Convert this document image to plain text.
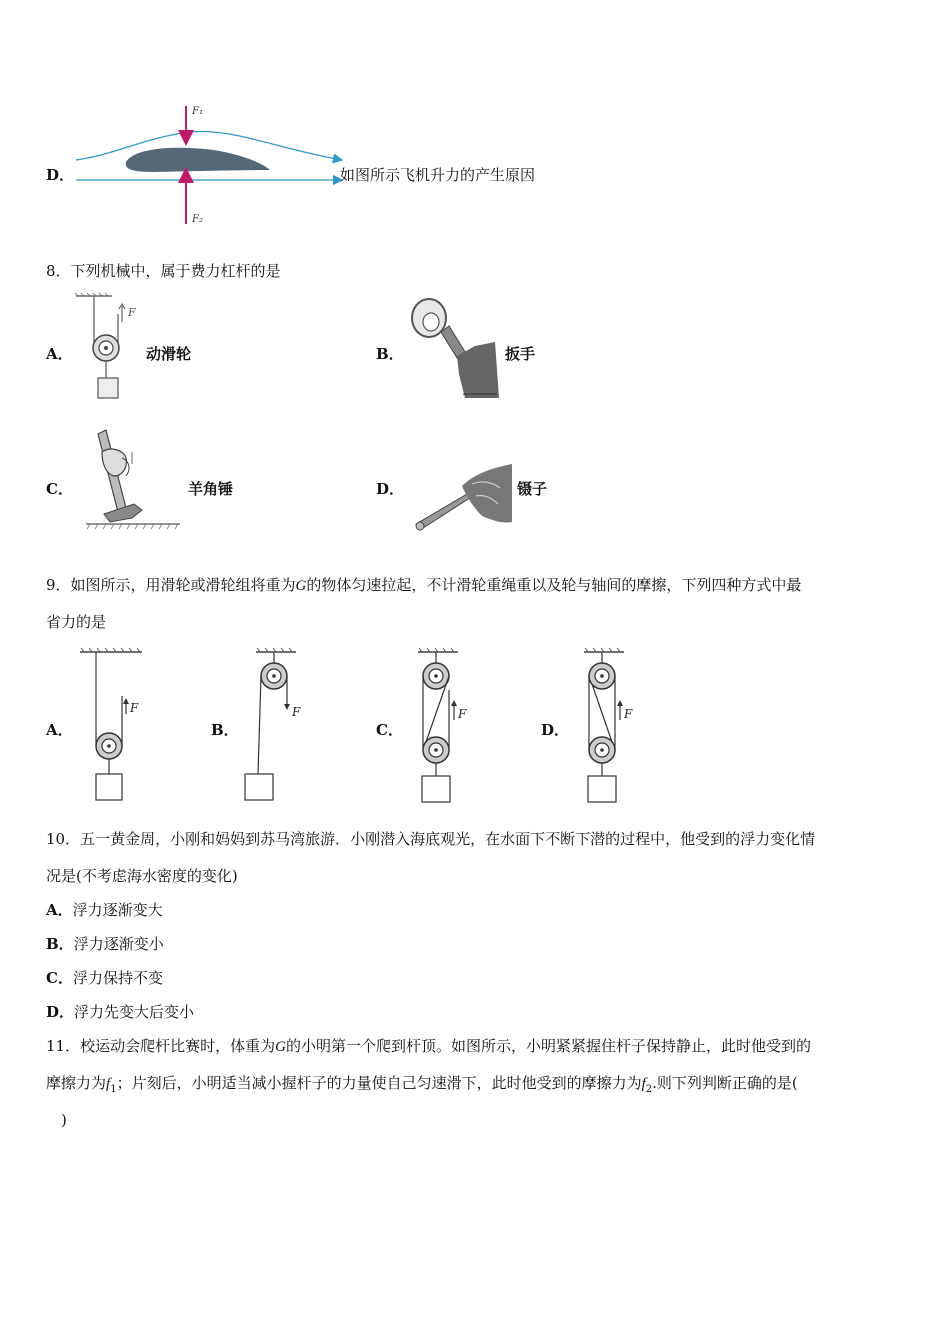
D．
F₁
F₂
如图所示飞机升力的产生原因
8．下列机械中，属于费力杠杆的是
A．
F
动滑轮	B．	扳手
C．	羊角锤	D．	镊子
9．如图所示，用滑轮或滑轮组将重为G的物体匀速拉起，不计滑轮重绳重以及轮与轴间的摩擦，下列四种方式中最
省力的是
A．
F
B．
F
C．
F
D．
F
10．五一黄金周，小刚和妈妈到苏马湾旅游．小刚潜入海底观光，在水面下不断下潜的过程中，他受到的浮力变化情
况是(不考虑海水密度的变化)
A．浮力逐渐变大
B．浮力逐渐变小
C．浮力保持不变
D．浮力先变大后变小
11．校运动会爬杆比赛时，体重为G的小明第一个爬到杆顶。如图所示，小明紧紧握住杆子保持静止，此时他受到的
摩擦力为$f_1$；片刻后，小明适当减小握杆子的力量使自己匀速滑下，此时他受到的摩擦力为$f_2$.则下列判断正确的是(
　)
